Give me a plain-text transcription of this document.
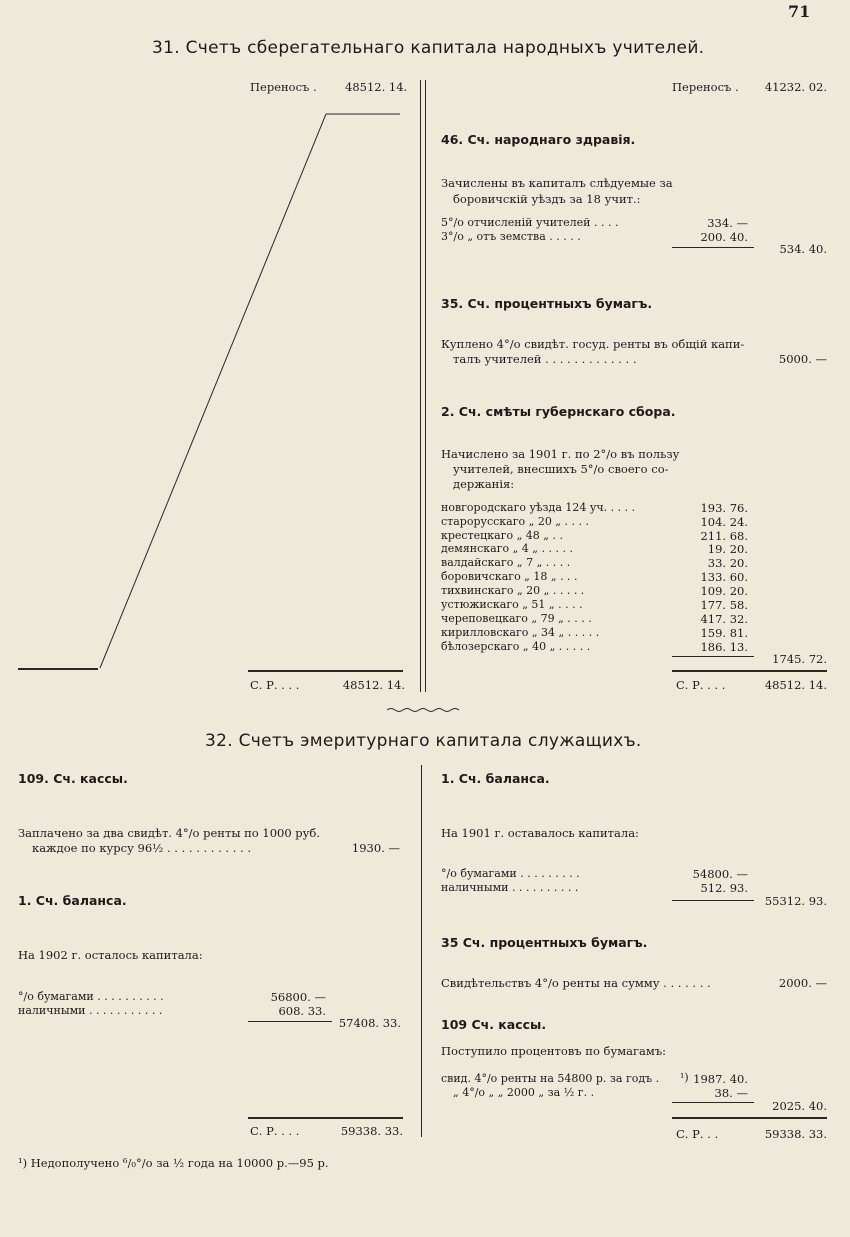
71
31. Счетъ сберегательнаго капитала народныхъ учителей.
Переносъ . 48512. 14.
С. Р. . . .	48512. 14.
Переносъ .	41232. 02.
46. Сч. народнаго здравія.
Зачислены въ капиталъ слѣдуемые за
боровичскій уѣздъ за 18 учит.:
5°/о отчисленій учителей . . . .	334. —
3°/о „ отъ земства . . . . .	200. 40.
534. 40.
35. Сч. процентныхъ бумагъ.
Куплено 4°/о свидѣт. госуд. ренты въ общій капи-
талъ учителей . . . . . . . . . . . . .	5000. —
2. Сч. смѣты губернскаго сбора.
Начислено за 1901 г. по 2°/о въ пользу
учителей, внесшихъ 5°/о своего со-
держанія:
новгородскаго уѣзда 124 уч. . . . .	193. 76.
старорусскаго „ 20 „ . . . .	104. 24.
крестецкаго „ 48 „ . .	211. 68.
демянскаго „ 4 „ . . . . .	19. 20.
валдайскаго „ 7 „ . . . .	33. 20.
боровичскаго „ 18 „ . . .	133. 60.
тихвинскаго „ 20 „ . . . . .	109. 20.
устюжискаго „ 51 „ . . . .	177. 58.
череповецкаго „ 79 „ . . . .	417. 32.
кирилловскаго „ 34 „ . . . . .	159. 81.
бѣлозерскаго „ 40 „ . . . . .	186. 13.
1745. 72.
С. Р. . . .	48512. 14.
32. Счетъ эмеритурнаго капитала служащихъ.
109. Сч. кассы.
Заплачено за два свидѣт. 4°/о ренты по 1000 руб.
каждое по курсу 96½ . . . . . . . . . . . .	1930. —
1. Сч. баланса.
На 1902 г. осталось капитала:
°/о бумагами . . . . . . . . . .	56800. —
наличными . . . . . . . . . . .	608. 33.
57408. 33.
С. Р. . . .	59338. 33.
¹) Недополучено ⁶/₀°/о за ½ года на 10000 р.—95 р.
1. Сч. баланса.
На 1901 г. оставалось капитала:
°/о бумагами . . . . . . . . .	54800. —
наличными . . . . . . . . . .	512. 93.
55312. 93.
35 Сч. процентныхъ бумагъ.
Свидѣтельствъ 4°/о ренты на сумму . . . . . . .	2000. —
109 Сч. кассы.
Поступило процентовъ по бумагамъ:
свид. 4°/о ренты на 54800 р. за годъ . ¹) 1987. 40.
„ 4°/о „ „ 2000 „ за ½ г. .	38. —
2025. 40.
С. Р. . .	59338. 33.
